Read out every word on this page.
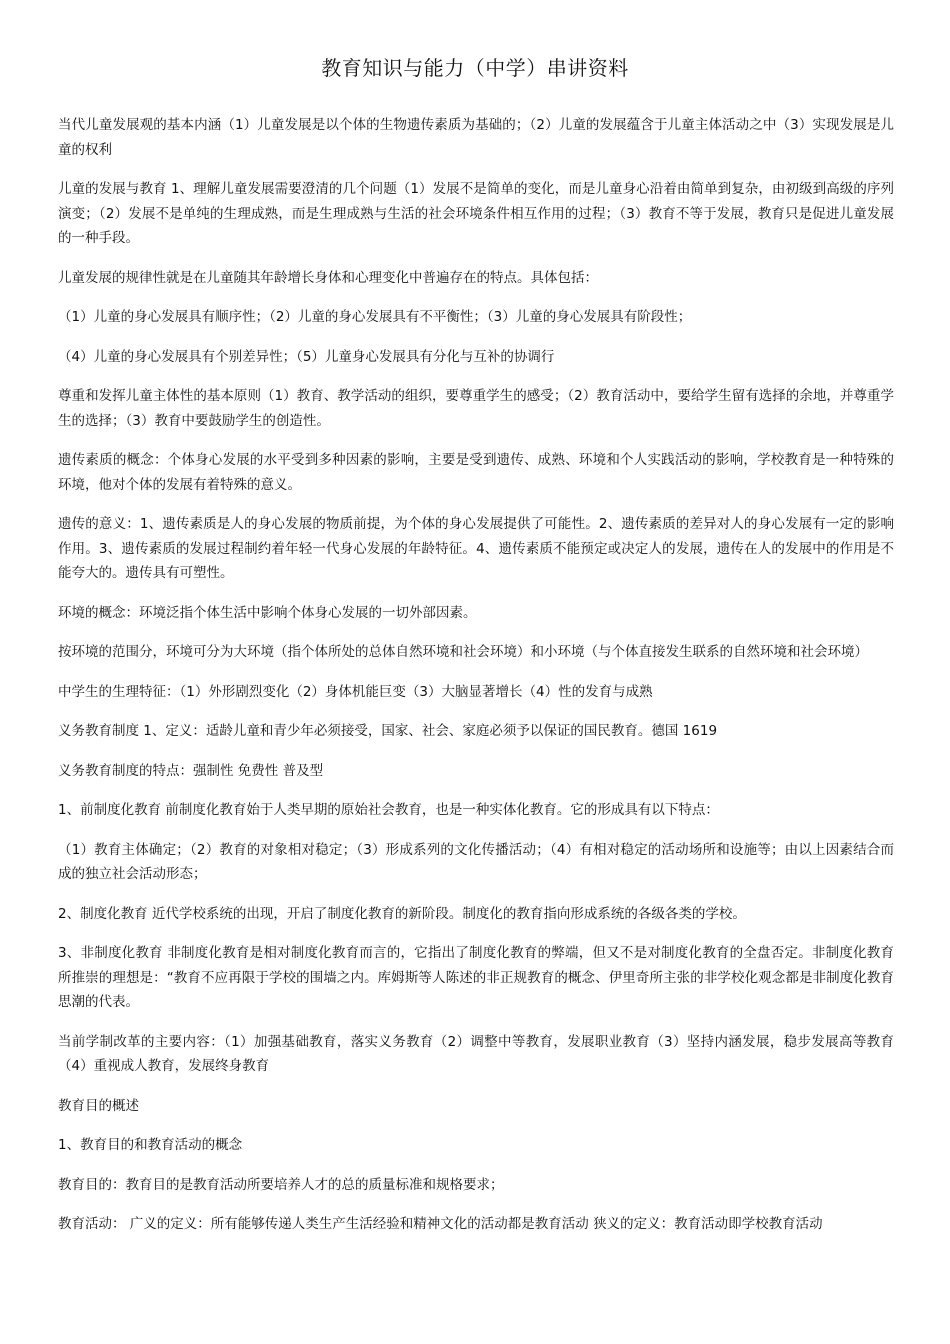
教育知识与能力（中学）串讲资料

当代儿童发展观的基本内涵（1）儿童发展是以个体的生物遗传素质为基础的；（2）儿童的发展蕴含于儿童主体活动之中（3）实现发展是儿童的权利

儿童的发展与教育 1、理解儿童发展需要澄清的几个问题（1）发展不是简单的变化，而是儿童身心沿着由简单到复杂，由初级到高级的序列演变；（2）发展不是单纯的生理成熟，而是生理成熟与生活的社会环境条件相互作用的过程；（3）教育不等于发展，教育只是促进儿童发展的一种手段。

儿童发展的规律性就是在儿童随其年龄增长身体和心理变化中普遍存在的特点。具体包括：

（1）儿童的身心发展具有顺序性；（2）儿童的身心发展具有不平衡性；（3）儿童的身心发展具有阶段性；

（4）儿童的身心发展具有个别差异性；（5）儿童身心发展具有分化与互补的协调行

尊重和发挥儿童主体性的基本原则（1）教育、教学活动的组织，要尊重学生的感受；（2）教育活动中，要给学生留有选择的余地，并尊重学生的选择；（3）教育中要鼓励学生的创造性。

遗传素质的概念：个体身心发展的水平受到多种因素的影响，主要是受到遗传、成熟、环境和个人实践活动的影响，学校教育是一种特殊的环境，他对个体的发展有着特殊的意义。

遗传的意义：1、遗传素质是人的身心发展的物质前提，为个体的身心发展提供了可能性。2、遗传素质的差异对人的身心发展有一定的影响作用。3、遗传素质的发展过程制约着年轻一代身心发展的年龄特征。4、遗传素质不能预定或决定人的发展，遗传在人的发展中的作用是不能夸大的。遗传具有可塑性。

环境的概念：环境泛指个体生活中影响个体身心发展的一切外部因素。

按环境的范围分，环境可分为大环境（指个体所处的总体自然环境和社会环境）和小环境（与个体直接发生联系的自然环境和社会环境）

中学生的生理特征：（1）外形剧烈变化（2）身体机能巨变（3）大脑显著增长（4）性的发育与成熟

义务教育制度 1、定义：适龄儿童和青少年必须接受，国家、社会、家庭必须予以保证的国民教育。德国 1619

义务教育制度的特点：强制性 免费性 普及型

1、前制度化教育 前制度化教育始于人类早期的原始社会教育，也是一种实体化教育。它的形成具有以下特点：

（1）教育主体确定；（2）教育的对象相对稳定；（3）形成系列的文化传播活动；（4）有相对稳定的活动场所和设施等；由以上因素结合而成的独立社会活动形态；

2、制度化教育 近代学校系统的出现，开启了制度化教育的新阶段。制度化的教育指向形成系统的各级各类的学校。

3、非制度化教育 非制度化教育是相对制度化教育而言的，它指出了制度化教育的弊端，但又不是对制度化教育的全盘否定。非制度化教育所推崇的理想是：“教育不应再限于学校的围墙之内。库姆斯等人陈述的非正规教育的概念、伊里奇所主张的非学校化观念都是非制度化教育思潮的代表。

当前学制改革的主要内容：（1）加强基础教育，落实义务教育（2）调整中等教育，发展职业教育（3）坚持内涵发展，稳步发展高等教育（4）重视成人教育，发展终身教育

教育目的概述

1、教育目的和教育活动的概念

教育目的：教育目的是教育活动所要培养人才的总的质量标准和规格要求；

教育活动： 广义的定义：所有能够传递人类生产生活经验和精神文化的活动都是教育活动 狭义的定义：教育活动即学校教育活动
